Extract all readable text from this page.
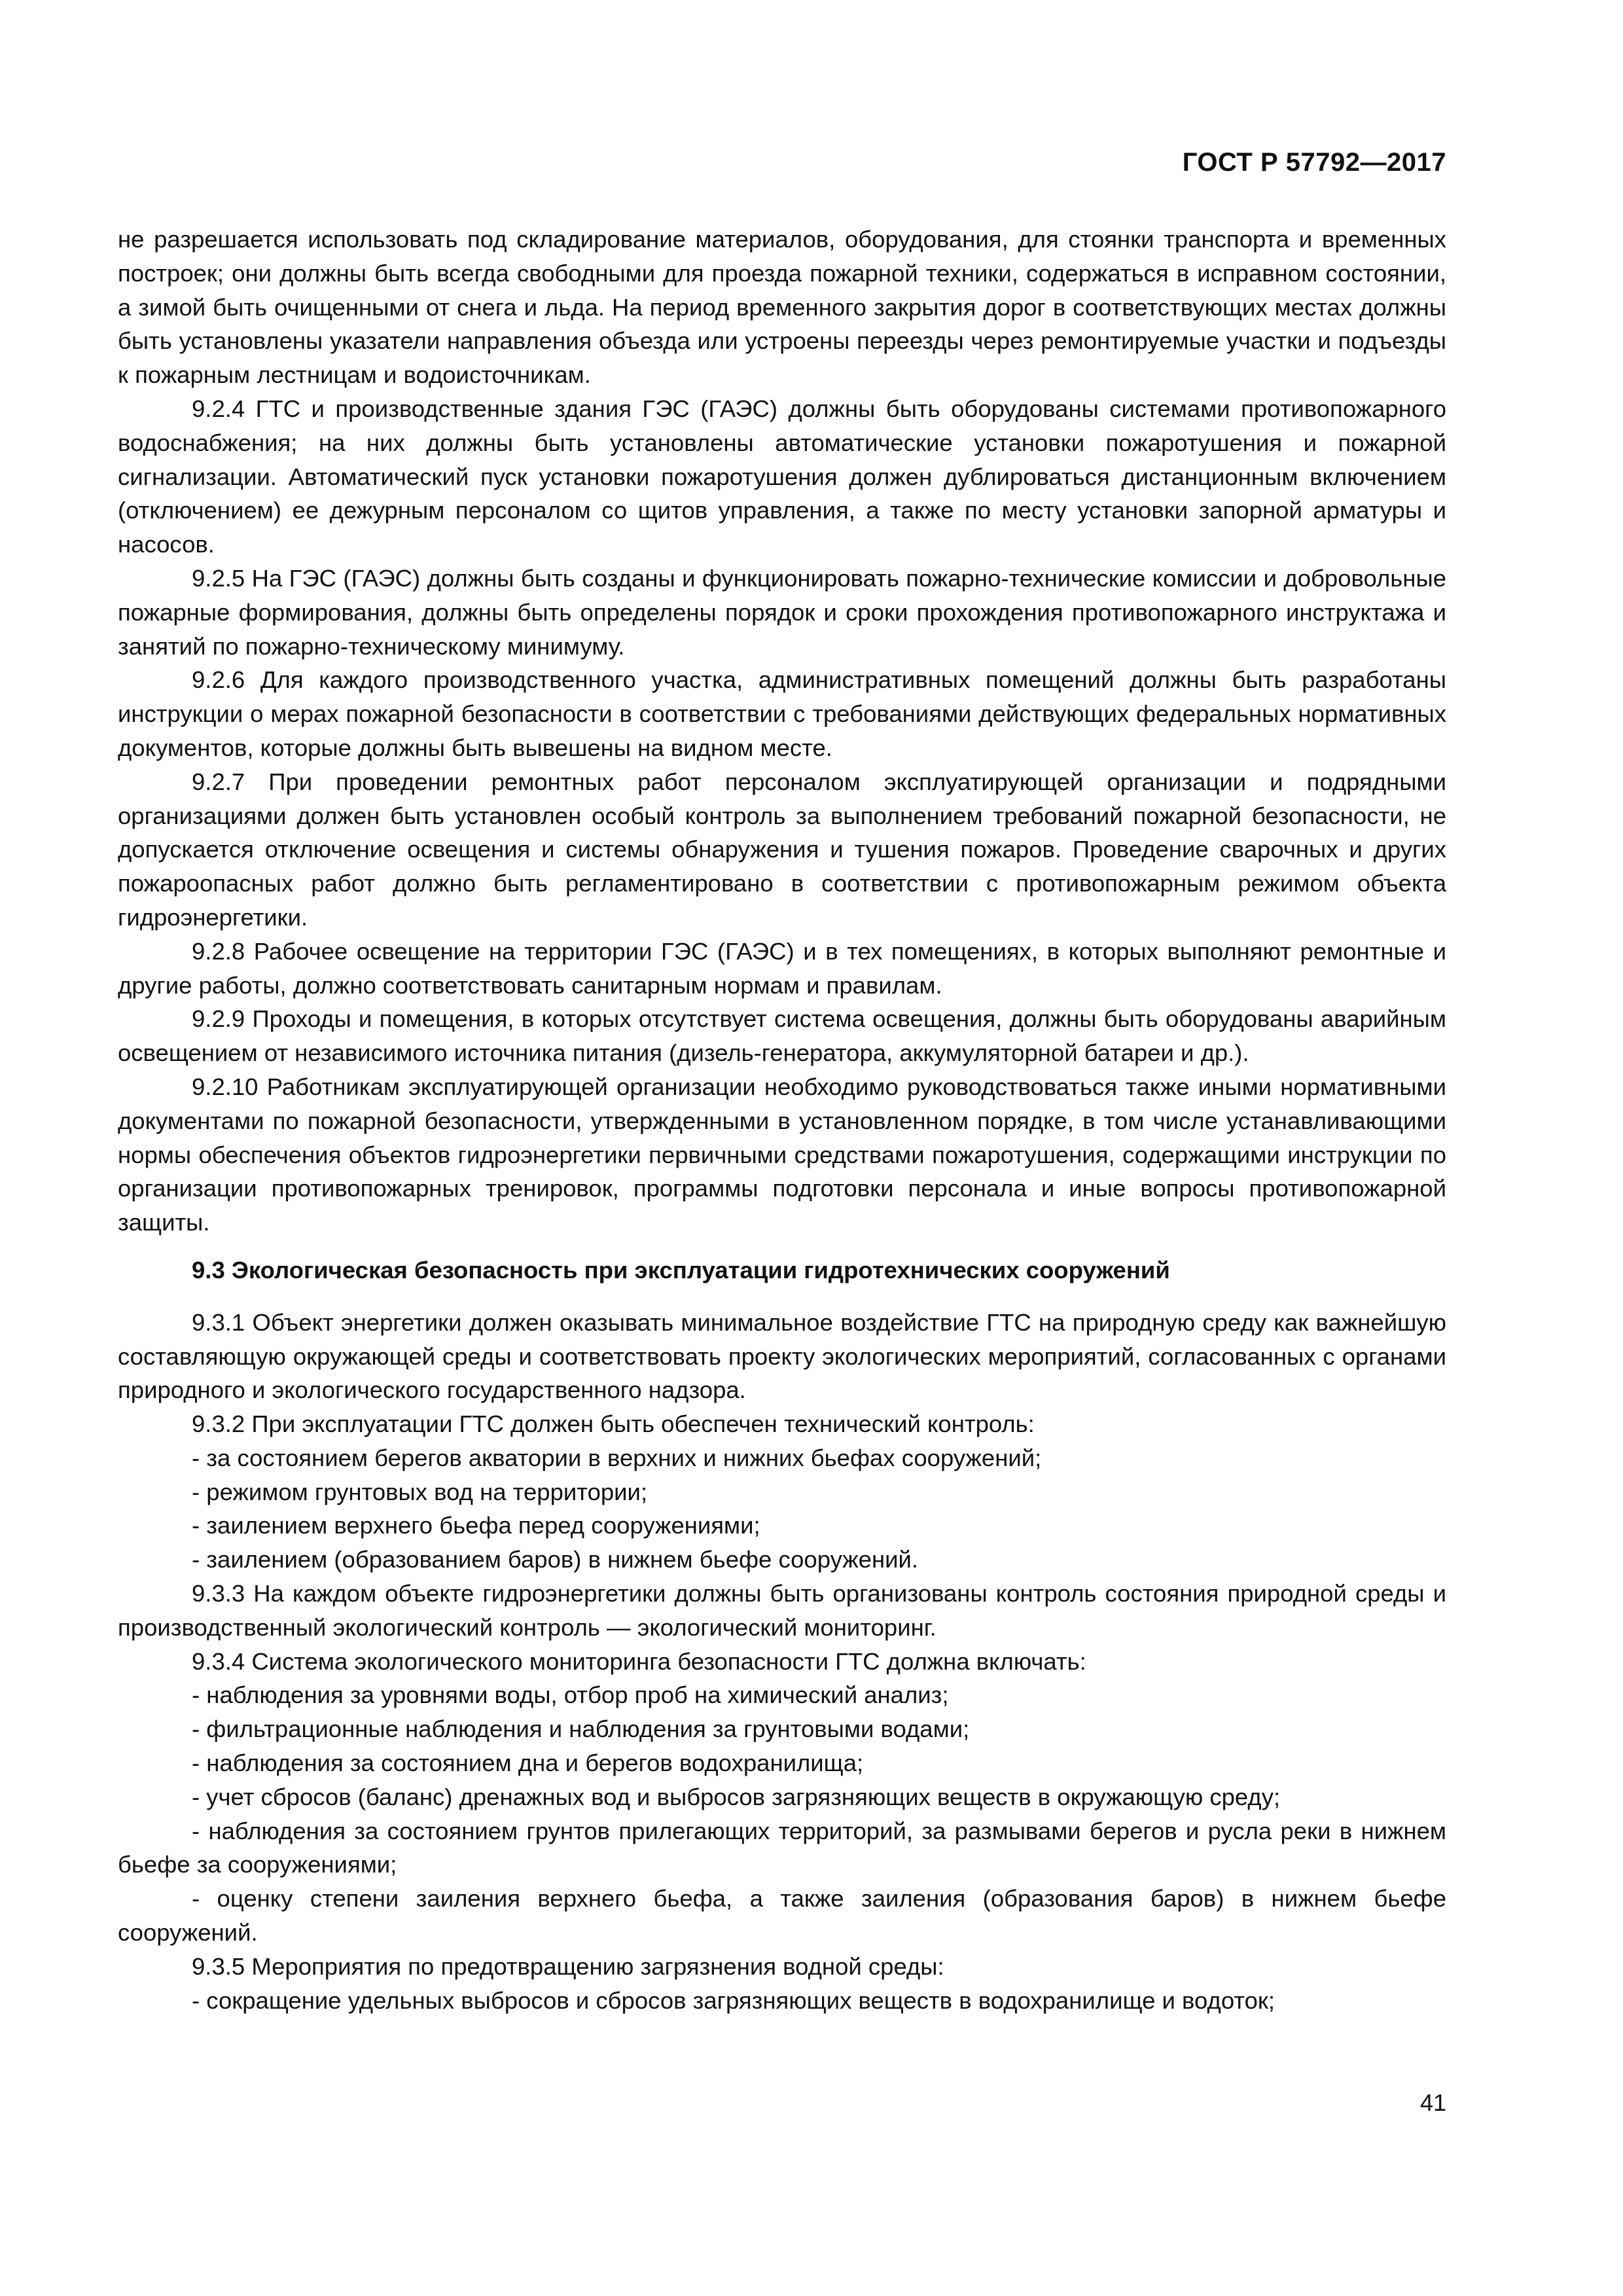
ГОСТ Р 57792—2017

не разрешается использовать под складирование материалов, оборудования, для стоянки транспорта и временных построек; они должны быть всегда свободными для проезда пожарной техники, содержаться в исправном состоянии, а зимой быть очищенными от снега и льда. На период временного закрытия дорог в соответствующих местах должны быть установлены указатели направления объезда или устроены переезды через ремонтируемые участки и подъезды к пожарным лестницам и водоисточникам.

9.2.4 ГТС и производственные здания ГЭС (ГАЭС) должны быть оборудованы системами противопожарного водоснабжения; на них должны быть установлены автоматические установки пожаротушения и пожарной сигнализации. Автоматический пуск установки пожаротушения должен дублироваться дистанционным включением (отключением) ее дежурным персоналом со щитов управления, а также по месту установки запорной арматуры и насосов.

9.2.5 На ГЭС (ГАЭС) должны быть созданы и функционировать пожарно-технические комиссии и добровольные пожарные формирования, должны быть определены порядок и сроки прохождения противопожарного инструктажа и занятий по пожарно-техническому минимуму.

9.2.6 Для каждого производственного участка, административных помещений должны быть разработаны инструкции о мерах пожарной безопасности в соответствии с требованиями действующих федеральных нормативных документов, которые должны быть вывешены на видном месте.

9.2.7 При проведении ремонтных работ персоналом эксплуатирующей организации и подрядными организациями должен быть установлен особый контроль за выполнением требований пожарной безопасности, не допускается отключение освещения и системы обнаружения и тушения пожаров. Проведение сварочных и других пожароопасных работ должно быть регламентировано в соответствии с противопожарным режимом объекта гидроэнергетики.

9.2.8 Рабочее освещение на территории ГЭС (ГАЭС) и в тех помещениях, в которых выполняют ремонтные и другие работы, должно соответствовать санитарным нормам и правилам.

9.2.9 Проходы и помещения, в которых отсутствует система освещения, должны быть оборудованы аварийным освещением от независимого источника питания (дизель-генератора, аккумуляторной батареи и др.).

9.2.10 Работникам эксплуатирующей организации необходимо руководствоваться также иными нормативными документами по пожарной безопасности, утвержденными в установленном порядке, в том числе устанавливающими нормы обеспечения объектов гидроэнергетики первичными средствами пожаротушения, содержащими инструкции по организации противопожарных тренировок, программы подготовки персонала и иные вопросы противопожарной защиты.

9.3 Экологическая безопасность при эксплуатации гидротехнических сооружений

9.3.1 Объект энергетики должен оказывать минимальное воздействие ГТС на природную среду как важнейшую составляющую окружающей среды и соответствовать проекту экологических мероприятий, согласованных с органами природного и экологического государственного надзора.

9.3.2 При эксплуатации ГТС должен быть обеспечен технический контроль:

- за состоянием берегов акватории в верхних и нижних бьефах сооружений;

- режимом грунтовых вод на территории;

- заилением верхнего бьефа перед сооружениями;

- заилением (образованием баров) в нижнем бьефе сооружений.

9.3.3 На каждом объекте гидроэнергетики должны быть организованы контроль состояния природной среды и производственный экологический контроль — экологический мониторинг.

9.3.4 Система экологического мониторинга безопасности ГТС должна включать:

- наблюдения за уровнями воды, отбор проб на химический анализ;

- фильтрационные наблюдения и наблюдения за грунтовыми водами;

- наблюдения за состоянием дна и берегов водохранилища;

- учет сбросов (баланс) дренажных вод и выбросов загрязняющих веществ в окружающую среду;

- наблюдения за состоянием грунтов прилегающих территорий, за размывами берегов и русла реки в нижнем бьефе за сооружениями;

- оценку степени заиления верхнего бьефа, а также заиления (образования баров) в нижнем бьефе сооружений.

9.3.5 Мероприятия по предотвращению загрязнения водной среды:

- сокращение удельных выбросов и сбросов загрязняющих веществ в водохранилище и водоток;

41
